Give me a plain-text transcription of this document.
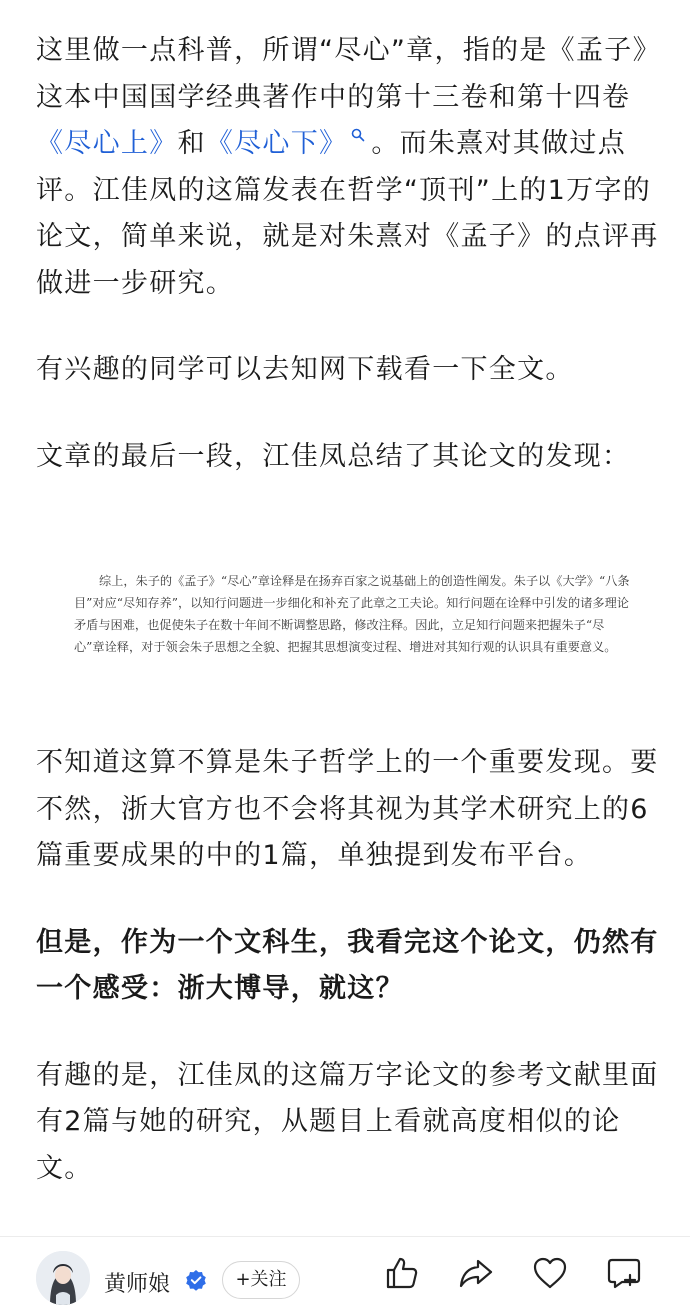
这里做一点科普，所谓“尽心”章，指的是《孟子》这本中国国学经典著作中的第十三卷和第十四卷《尽心上》和《尽心下》 。而朱熹对其做过点评。江佳凤的这篇发表在哲学“顶刊”上的1万字的论文，简单来说，就是对朱熹对《孟子》的点评再做进一步研究。

有兴趣的同学可以去知网下载看一下全文。

文章的最后一段，江佳凤总结了其论文的发现：

综上，朱子的《孟子》“尽心”章诠释是在扬弃百家之说基础上的创造性阐发。朱子以《大学》“八条目”对应“尽知存养”，以知行问题进一步细化和补充了此章之工夫论。知行问题在诠释中引发的诸多理论矛盾与困难，也促使朱子在数十年间不断调整思路，修改注释。因此，立足知行问题来把握朱子“尽心”章诠释，对于领会朱子思想之全貌、把握其思想演变过程、增进对其知行观的认识具有重要意义。

不知道这算不算是朱子哲学上的一个重要发现。要不然，浙大官方也不会将其视为其学术研究上的6篇重要成果的中的1篇，单独提到发布平台。

但是，作为一个文科生，我看完这个论文，仍然有一个感受：浙大博导，就这？

有趣的是，江佳凤的这篇万字论文的参考文献里面有2篇与她的研究，从题目上看就高度相似的论文。

黄师娘	+关注
